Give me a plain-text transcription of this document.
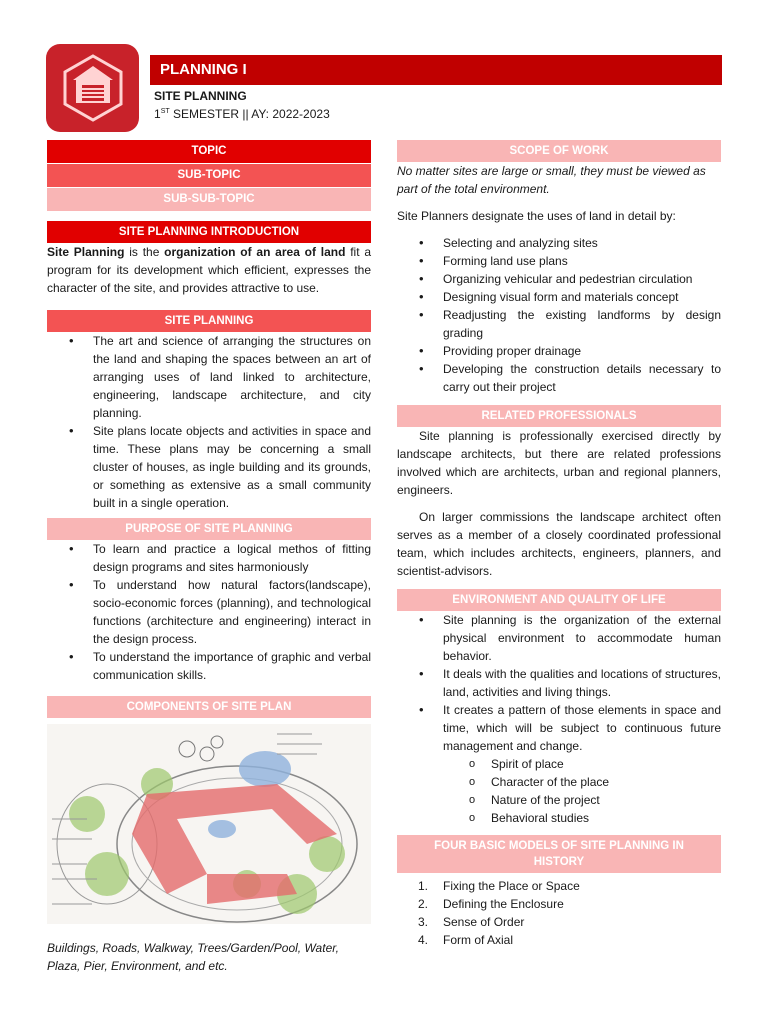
PLANNING I
SITE PLANNING
1ST SEMESTER || AY: 2022-2023
TOPIC
SUB-TOPIC
SUB-SUB-TOPIC
SITE PLANNING INTRODUCTION

Site Planning is the organization of an area of land fit a program for its development which efficient, expresses the character of the site, and provides attractive to use.

SITE PLANNING
• The art and science of arranging the structures on the land and shaping the spaces between an art of arranging uses of land linked to architecture, engineering, landscape architecture, and city planning.
• Site plans locate objects and activities in space and time. These plans may be concerning a small cluster of houses, as ingle building and its grounds, or something as extensive as a small community built in a single operation.
PURPOSE OF SITE PLANNING
• To learn and practice a logical methos of fitting design programs and sites harmoniously
• To understand how natural factors(landscape), socio-economic forces (planning), and technological functions (architecture and engineering) interact in the design process.
• To understand the importance of graphic and verbal communication skills.
COMPONENTS OF SITE PLAN

Buildings, Roads, Walkway, Trees/Garden/Pool, Water, Plaza, Pier, Environment, and etc.

SCOPE OF WORK

No matter sites are large or small, they must be viewed as part of the total environment.

Site Planners designate the uses of land in detail by:

• Selecting and analyzing sites
• Forming land use plans
• Organizing vehicular and pedestrian circulation
• Designing visual form and materials concept
• Readjusting the existing landforms by design grading
• Providing proper drainage
• Developing the construction details necessary to carry out their project
RELATED PROFESSIONALS

Site planning is professionally exercised directly by landscape architects, but there are related professions involved which are architects, urban and regional planners, engineers.

On larger commissions the landscape architect often serves as a member of a closely coordinated professional team, which includes architects, engineers, planners, and scientist-advisors.

ENVIRONMENT AND QUALITY OF LIFE
• Site planning is the organization of the external physical environment to accommodate human behavior.
• It deals with the qualities and locations of structures, land, activities and living things.
• It creates a pattern of those elements in space and time, which will be subject to continuous future management and change.
o Spirit of place
o Character of the place
o Nature of the project
o Behavioral studies
FOUR BASIC MODELS OF SITE PLANNING IN HISTORY
1. Fixing the Place or Space
2. Defining the Enclosure
3. Sense of Order
4. Form of Axial
